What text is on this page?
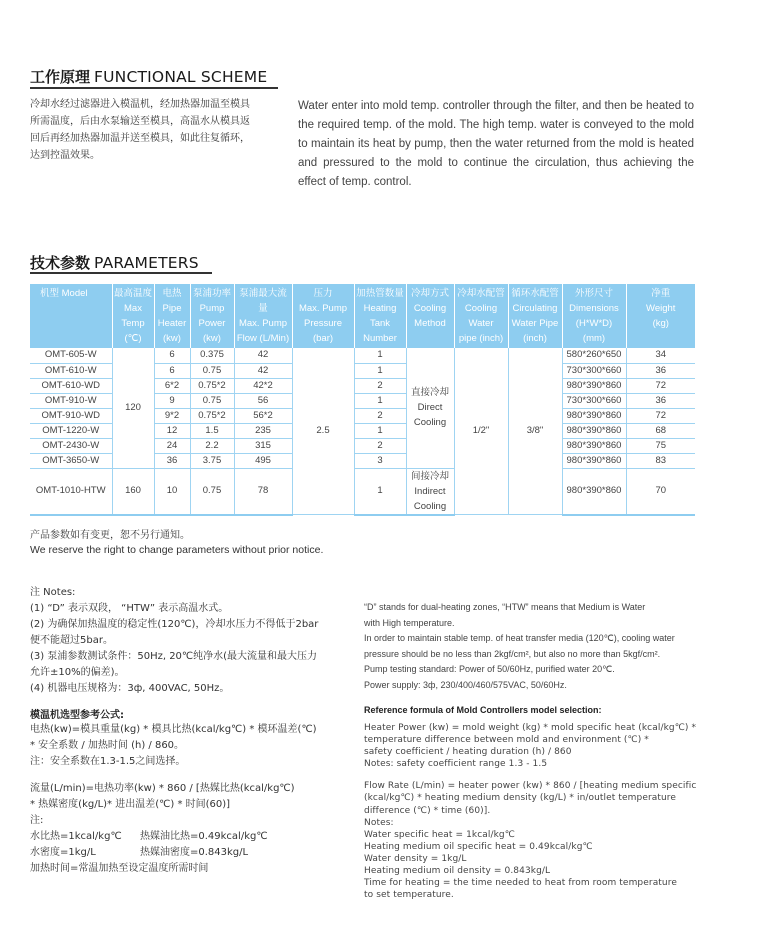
工作原理 FUNCTIONAL SCHEME
冷却水经过滤器进入模温机，经加热器加温至模具
所需温度，后由水泵输送至模具，高温水从模具返
回后再经加热器加温并送至模具，如此往复循环，
达到控温效果。
Water enter into mold temp. controller through the filter, and then be heated to the required temp. of the mold. The high temp. water is conveyed to the mold to maintain its heat by pump, then the water returned from the mold is heated and pressured to the mold to continue the circulation, thus achieving the effect of temp. control.
技术参数 PARAMETERS
机型 Model	最高温度
Max
Temp
(℃)	电热
Pipe
Heater
(kw)	泵浦功率
Pump
Power
(kw)	泵浦最大流量
Max. Pump
Flow (L/Min)	压力
Max. Pump
Pressure (bar)	加热管数量
Heating
Tank
Number	冷却方式
Cooling
Method	冷却水配管
Cooling
Water
pipe (inch)	循环水配管
Circulating
Water Pipe
(inch)	外形尺寸
Dimensions
(H*W*D)
(mm)	净重
Weight
(kg)

OMT-605-W	120	6	0.375	42	2.5	1	直接冷却
Direct
Cooling	1/2"	3/8"	580*260*650	34
OMT-610-W		6	0.75	42		1				730*300*660	36
OMT-610-WD		6*2	0.75*2	42*2		2				980*390*860	72
OMT-910-W		9	0.75	56		1				730*300*660	36
OMT-910-WD		9*2	0.75*2	56*2		2				980*390*860	72
OMT-1220-W		12	1.5	235		1				980*390*860	68
OMT-2430-W		24	2.2	315		2				980*390*860	75
OMT-3650-W		36	3.75	495		3				980*390*860	83
OMT-1010-HTW	160	10	0.75	78		1	间接冷却
Indirect
Cooling			980*390*860	70
产品参数如有变更，恕不另行通知。
We reserve the right to change parameters without prior notice.
注 Notes:
(1) “D” 表示双段， “HTW” 表示高温水式。
(2) 为确保加热温度的稳定性(120℃)，冷却水压力不得低于2bar
便不能超过5bar。
(3) 泵浦参数测试条件：50Hz, 20℃纯净水(最大流量和最大压力
允许±10%的偏差)。
(4) 机器电压规格为：3ф, 400VAC, 50Hz。
“D” stands for dual-heating zones, “HTW” means that Medium is Water
with High temperature.
In order to maintain stable temp. of heat transfer media (120℃), cooling water
pressure should be no less than 2kgf/cm², but also no more than 5kgf/cm².
Pump testing standard: Power of 50/60Hz, purified water 20℃.
Power supply: 3ф, 230/400/460/575VAC, 50/60Hz.
模温机选型参考公式:
电热(kw)=模具重量(kg) * 模具比热(kcal/kg℃) * 模环温差(℃)
* 安全系数 / 加热时间 (h) / 860。
注：安全系数在1.3-1.5之间选择。
流量(L/min)=电热功率(kw) * 860 / [热媒比热(kcal/kg℃)
* 热媒密度(kg/L)* 进出温差(℃) * 时间(60)]
注:
水比热=1kcal/kg℃	热媒油比热=0.49kcal/kg℃
水密度=1kg/L	热媒油密度=0.843kg/L
加热时间=常温加热至设定温度所需时间
Reference formula of Mold Controllers model selection:
Heater Power (kw) = mold weight (kg) * mold specific heat (kcal/kg℃) *
temperature difference between mold and environment (℃) *
safety coefficient / heating duration (h) / 860
Notes: safety coefficient range 1.3 - 1.5
Flow Rate (L/min) = heater power (kw) * 860 / [heating medium specific
(kcal/kg℃) * heating medium density (kg/L) * in/outlet temperature
difference (℃) * time (60)].
Notes:
Water specific heat = 1kcal/kg℃
Heating medium oil specific heat = 0.49kcal/kg℃
Water density = 1kg/L
Heating medium oil density = 0.843kg/L
Time for heating = the time needed to heat from room temperature
to set temperature.
